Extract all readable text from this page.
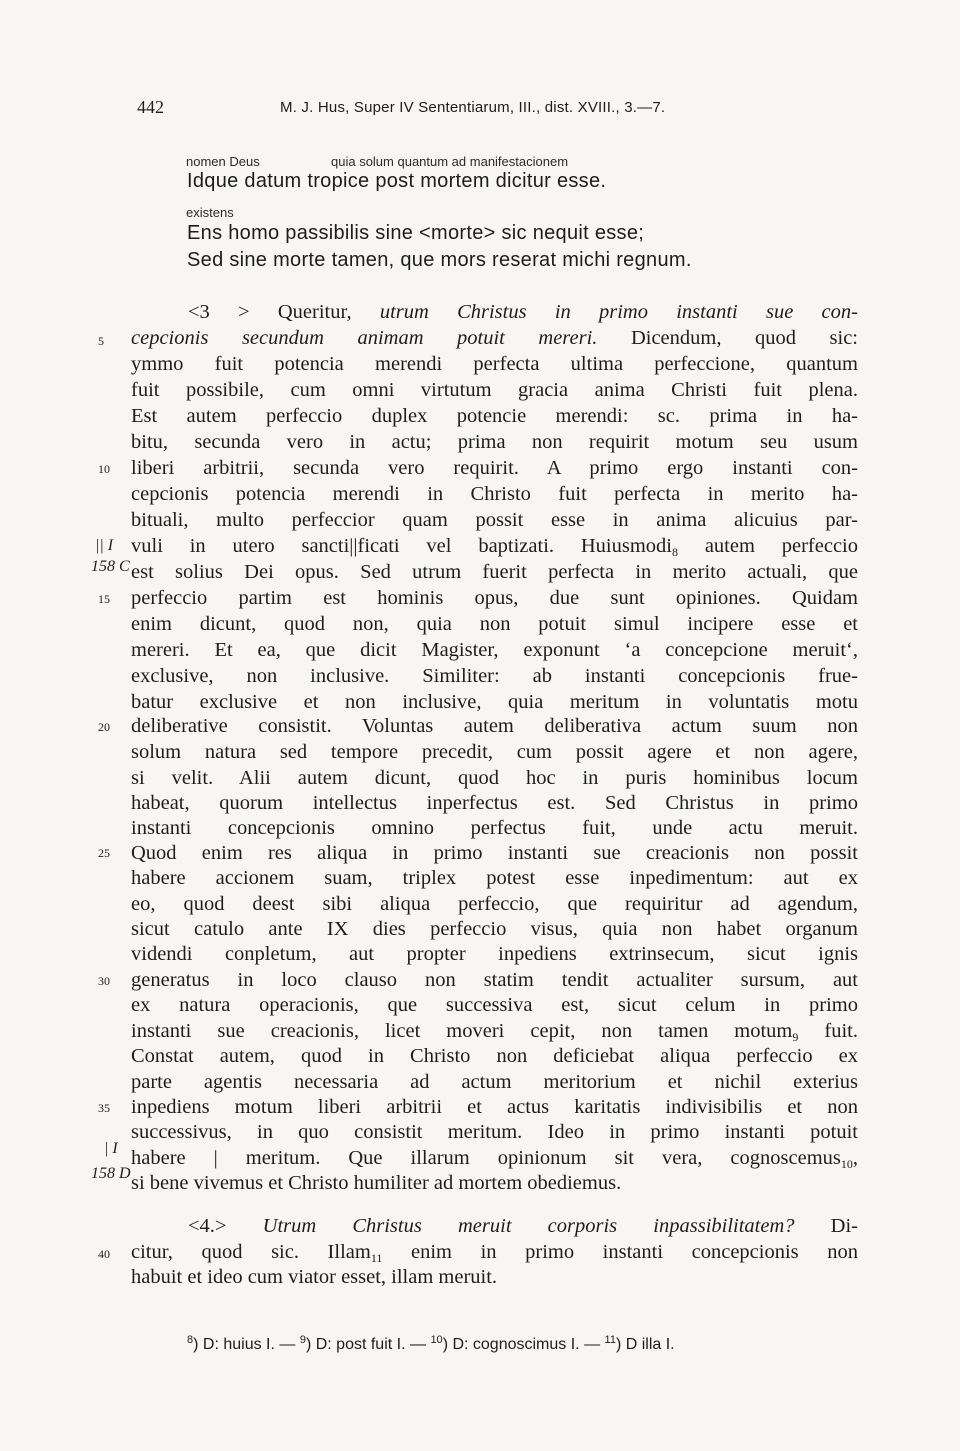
442	M. J. Hus, Super IV Sententiarum, III., dist. XVIII., 3.—7.
nomen Deus	quia solum quantum ad manifestacionem
Idque datum tropice post mortem dicitur esse.
existens
Ens homo passibilis sine <morte> sic nequit esse;
Sed sine morte tamen, que mors reserat michi regnum.
5
10
15
20
25
30
35
40
|| I
158 C
| I
158 D
<3 > Queritur, utrum Christus in primo instanti sue con-
cepcionis secundum animam potuit mereri. Dicendum, quod sic:
ymmo fuit potencia merendi perfecta ultima perfeccione, quantum
fuit possibile, cum omni virtutum gracia anima Christi fuit plena.
Est autem perfeccio duplex potencie merendi: sc. prima in ha-
bitu, secunda vero in actu; prima non requirit motum seu usum
liberi arbitrii, secunda vero requirit. A primo ergo instanti con-
cepcionis potencia merendi in Christo fuit perfecta in merito ha-
bituali, multo perfeccior quam possit esse in anima alicuius par-
vuli in utero sancti||ficati vel baptizati. Huiusmodi$_8$ autem perfeccio
est solius Dei opus. Sed utrum fuerit perfecta in merito actuali, que
perfeccio partim est hominis opus, due sunt opiniones. Quidam
enim dicunt, quod non, quia non potuit simul incipere esse et
mereri. Et ea, que dicit Magister, exponunt ‘a concepcione meruit‘,
exclusive, non inclusive. Similiter: ab instanti concepcionis frue-
batur exclusive et non inclusive, quia meritum in voluntatis motu
deliberative consistit. Voluntas autem deliberativa actum suum non
solum natura sed tempore precedit, cum possit agere et non agere,
si velit. Alii autem dicunt, quod hoc in puris hominibus locum
habeat, quorum intellectus inperfectus est. Sed Christus in primo
instanti concepcionis omnino perfectus fuit, unde actu meruit.
Quod enim res aliqua in primo instanti sue creacionis non possit
habere accionem suam, triplex potest esse inpedimentum: aut ex
eo, quod deest sibi aliqua perfeccio, que requiritur ad agendum,
sicut catulo ante IX dies perfeccio visus, quia non habet organum
videndi conpletum, aut propter inpediens extrinsecum, sicut ignis
generatus in loco clauso non statim tendit actualiter sursum, aut
ex natura operacionis, que successiva est, sicut celum in primo
instanti sue creacionis, licet moveri cepit, non tamen motum$_9$ fuit.
Constat autem, quod in Christo non deficiebat aliqua perfeccio ex
parte agentis necessaria ad actum meritorium et nichil exterius
inpediens motum liberi arbitrii et actus karitatis indivisibilis et non
successivus, in quo consistit meritum. Ideo in primo instanti potuit
habere | meritum. Que illarum opinionum sit vera, cognoscemus$_{10}$,
si bene vivemus et Christo humiliter ad mortem obediemus.
<4.> Utrum Christus meruit corporis inpassibilitatem? Di-
citur, quod sic. Illam$_{11}$ enim in primo instanti concepcionis non
habuit et ideo cum viator esset, illam meruit.
$^8$) D: huius I. — $^9$) D: post fuit I. — $^{10}$) D: cognoscimus I. — $^{11}$) D illa I.
